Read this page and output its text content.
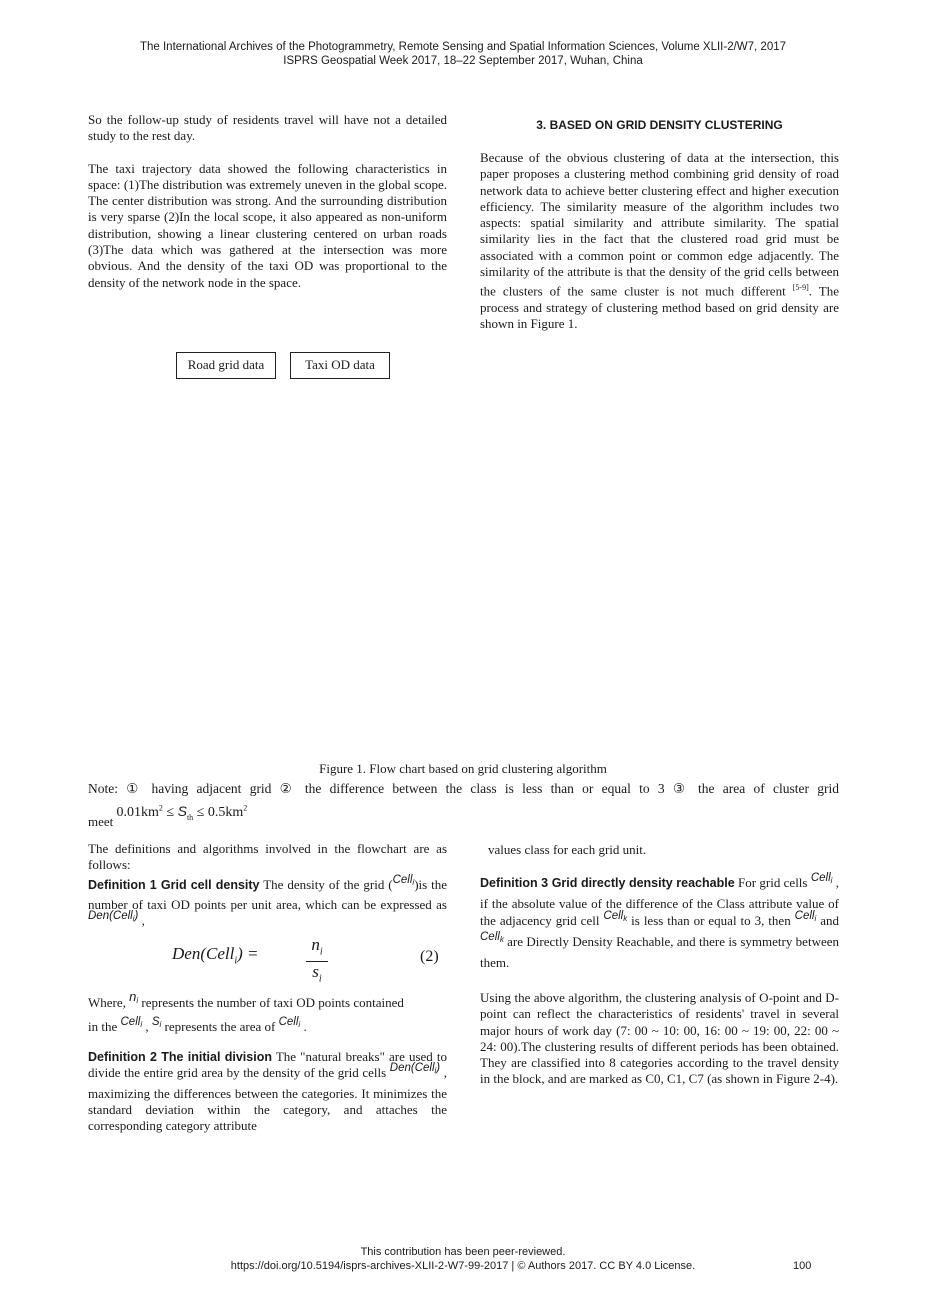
The International Archives of the Photogrammetry, Remote Sensing and Spatial Information Sciences, Volume XLII-2/W7, 2017
ISPRS Geospatial Week 2017, 18–22 September 2017, Wuhan, China

So the follow-up study of residents travel will have not a detailed study to the rest day.

The taxi trajectory data showed the following characteristics in space: (1)The distribution was extremely uneven in the global scope. The center distribution was strong. And the surrounding distribution is very sparse (2)In the local scope, it also appeared as non-uniform distribution, showing a linear clustering centered on urban roads (3)The data which was gathered at the intersection was more obvious. And the density of the taxi OD was proportional to the density of the network node in the space.

3. BASED ON GRID DENSITY CLUSTERING

Because of the obvious clustering of data at the intersection, this paper proposes a clustering method combining grid density of road network data to achieve better clustering effect and higher execution efficiency. The similarity measure of the algorithm includes two aspects: spatial similarity and attribute similarity. The spatial similarity lies in the fact that the clustered road grid must be associated with a common point or common edge adjacently. The similarity of the attribute is that the density of the grid cells between the clusters of the same cluster is not much different [5-9]. The process and strategy of clustering method based on grid density are shown in Figure 1.

Road grid data	Taxi OD data
Figure 1. Flow chart based on grid clustering algorithm
Note: ① having adjacent grid ② the difference between the class is less than or equal to 3 ③ the area of cluster grid
meet $0.01km^2 \le S_{th} \le 0.5km^2$

The definitions and algorithms involved in the flowchart are as follows:

Definition 1 Grid cell density The density of the grid (Cell$_i$)is the number of taxi OD points per unit area, which can be expressed as Den(Cell$_i$) ,

Den(Cell$_i$) =	$n_i$
$s_i$
(2)

Where, $n_i$ represents the number of taxi OD points contained

in the Cell$_i$ , $S_i$ represents the area of Cell$_i$ .

Definition 2 The initial division The "natural breaks" are used to divide the entire grid area by the density of the grid cells Den(Cell$_i$) , maximizing the differences between the categories. It minimizes the standard deviation within the category, and attaches the corresponding category attribute

values class for each grid unit.

Definition 3 Grid directly density reachable For grid cells Cell$_i$ , if the absolute value of the difference of the Class attribute value of the adjacency grid cell Cell$_k$ is less than or equal to 3, then Cell$_i$ and Cell$_k$ are Directly Density Reachable, and there is symmetry between them.

Using the above algorithm, the clustering analysis of O-point and D-point can reflect the characteristics of residents' travel in several major hours of work day (7: 00 ~ 10: 00, 16: 00 ~ 19: 00, 22: 00 ~ 24: 00).The clustering results of different periods has been obtained. They are classified into 8 categories according to the travel density in the block, and are marked as C0, C1, C7 (as shown in Figure 2-4).

This contribution has been peer-reviewed.
https://doi.org/10.5194/isprs-archives-XLII-2-W7-99-2017 | © Authors 2017. CC BY 4.0 License.	100
